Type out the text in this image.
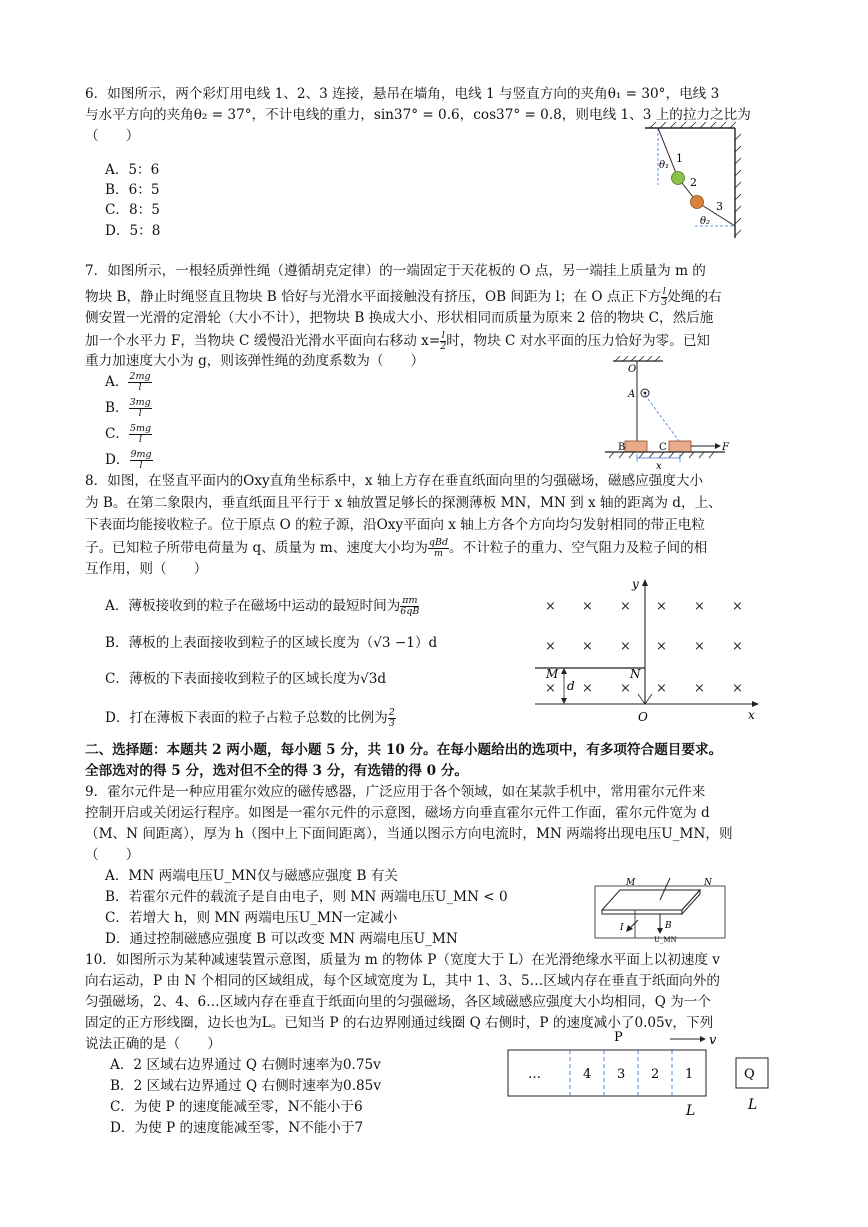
6．如图所示，两个彩灯用电线 1、2、3 连接，悬吊在墙角，电线 1 与竖直方向的夹角θ₁ = 30°，电线 3
与水平方向的夹角θ₂ = 37°，不计电线的重力，sin37° = 0.6，cos37° = 0.8，则电线 1、3 上的拉力之比为
（　　）
A．5：6
B．6：5
C．8：5
D．5：8
1
2
3
θ₁
θ₂
7．如图所示，一根轻质弹性绳（遵循胡克定律）的一端固定于天花板的 O 点，另一端挂上质量为 m 的
物块 B，静止时绳竖直且物块 B 恰好与光滑水平面接触没有挤压，OB 间距为 l；在 O 点正下方 $\frac{l}{3}$ 处绳的右
侧安置一光滑的定滑轮（大小不计），把物块 B 换成大小、形状相同而质量为原来 2 倍的物块 C，然后施
加一个水平力 F，当物块 C 缓慢沿光滑水平面向右移动 $x= \frac{l}{2}$ 时，物块 C 对水平面的压力恰好为零。已知
重力加速度大小为 g，则该弹性绳的劲度系数为（　　）
A． $\frac{2mg}{l}$
B． $\frac{3mg}{l}$
C． $\frac{5mg}{l}$
D． $\frac{9mg}{l}$
O
A
B	C	F
x
8．如图，在竖直平面内的Oxy直角坐标系中，x 轴上方存在垂直纸面向里的匀强磁场，磁感应强度大小
为 B。在第二象限内，垂直纸面且平行于 x 轴放置足够长的探测薄板 MN，MN 到 x 轴的距离为 d，上、
下表面均能接收粒子。位于原点 O 的粒子源，沿Oxy平面向 x 轴上方各个方向均匀发射相同的带正电粒
子。已知粒子所带电荷量为 q、质量为 m、速度大小均为 $\frac{\text{qBd}}{m}$ 。不计粒子的重力、空气阻力及粒子间的相
互作用，则（　　）
A．薄板接收到的粒子在磁场中运动的最短时间为 $\frac{\pi m}{6qB}$
B．薄板的上表面接收到粒子的区域长度为（√3 −1）d
C．薄板的下表面接收到粒子的区域长度为√3d
D．打在薄板下表面的粒子占粒子总数的比例为 $\frac{2}{3}$	x
y
O
M	N
d
× × × × × ×
× × × × × ×
× × × × × ×
二、选择题：本题共 2 两小题，每小题 5 分，共 10 分。在每小题给出的选项中，有多项符合题目要求。
全部选对的得 5 分，选对但不全的得 3 分，有选错的得 0 分。
9．霍尔元件是一种应用霍尔效应的磁传感器，广泛应用于各个领域，如在某款手机中，常用霍尔元件来
控制开启或关闭运行程序。如图是一霍尔元件的示意图，磁场方向垂直霍尔元件工作面，霍尔元件宽为 d
（M、N 间距离），厚为 h（图中上下面间距离），当通以图示方向电流时，MN 两端将出现电压U_MN，则
（　　）
A．MN 两端电压U_MN仅与磁感应强度 B 有关
B．若霍尔元件的载流子是自由电子，则 MN 两端电压U_MN < 0
C．若增大 h，则 MN 两端电压U_MN一定减小
D．通过控制磁感应强度 B 可以改变 MN 两端电压U_MN
M	N
B
I
U_MN
10．如图所示为某种减速装置示意图，质量为 m 的物体 P（宽度大于 L）在光滑绝缘水平面上以初速度 v
向右运动，P 由 N 个相同的区域组成，每个区域宽度为 L，其中 1、3、5…区域内存在垂直于纸面向外的
匀强磁场，2、4、6…区域内存在垂直于纸面向里的匀强磁场，各区域磁感应强度大小均相同，Q 为一个
固定的正方形线圈，边长也为L。已知当 P 的右边界刚通过线圈 Q 右侧时，P 的速度减小了0.05v，下列
说法正确的是（　　）
A．2 区域右边界通过 Q 右侧时速率为0.75v
B．2 区域右边界通过 Q 右侧时速率为0.85v
C．为使 P 的速度能减至零，N不能小于6
D．为使 P 的速度能减至零，N不能小于7
P	v
…	4 3 2 1
L
Q
L
